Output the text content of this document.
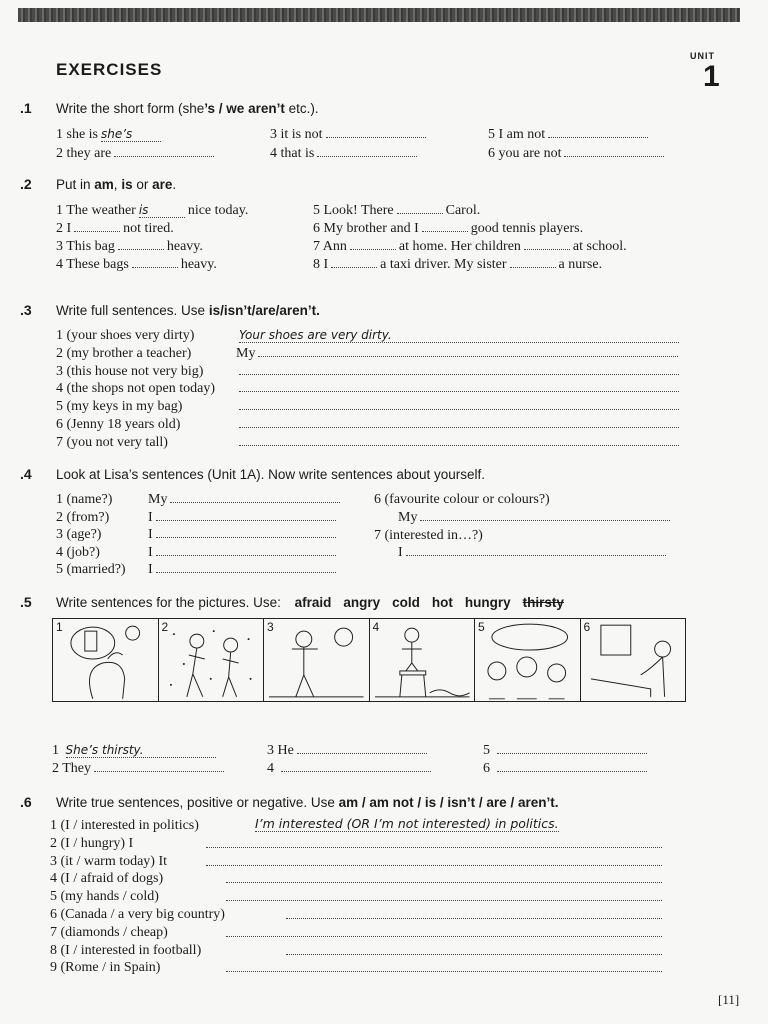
EXERCISES
UNIT
1
.1 Write the short form (she’s / we aren’t etc.).
1 she is she’s
2 they are
3 it is not
4 that is
5 I am not
6 you are not
.2 Put in am, is or are.
1 The weather is	nice today.
2 I	not tired.
3 This bag	heavy.
4 These bags	heavy.
5 Look! There	Carol.
6 My brother and I	good tennis players.
7 Ann	at home. Her children	at school.
8 I	a taxi driver. My sister	a nurse.
.3 Write full sentences. Use is/isn’t/are/aren’t.
1 (your shoes very dirty)	Your shoes are very dirty.
2 (my brother a teacher)	My
3 (this house not very big)
4 (the shops not open today)
5 (my keys in my bag)
6 (Jenny 18 years old)
7 (you not very tall)
.4 Look at Lisa’s sentences (Unit 1A). Now write sentences about yourself.
1 (name?)	My
2 (from?)	I
3 (age?)	I
4 (job?)	I
5 (married?) I
6 (favourite colour or colours?)
My
7 (interested in…?)
I
.5 Write sentences for the pictures. Use: afraid angry cold hot hungry thirsty
1	2	3	4	5	6
1 She’s thirsty.
2 They
3 He
4
5
6
.6 Write true sentences, positive or negative. Use am / am not / is / isn’t / are / aren’t.
1 (I / interested in politics)	I’m interested (OR I’m not interested) in politics.
2 (I / hungry) I
3 (it / warm today) It
4 (I / afraid of dogs)
5 (my hands / cold)
6 (Canada / a very big country)
7 (diamonds / cheap)
8 (I / interested in football)
9 (Rome / in Spain)
[11]
